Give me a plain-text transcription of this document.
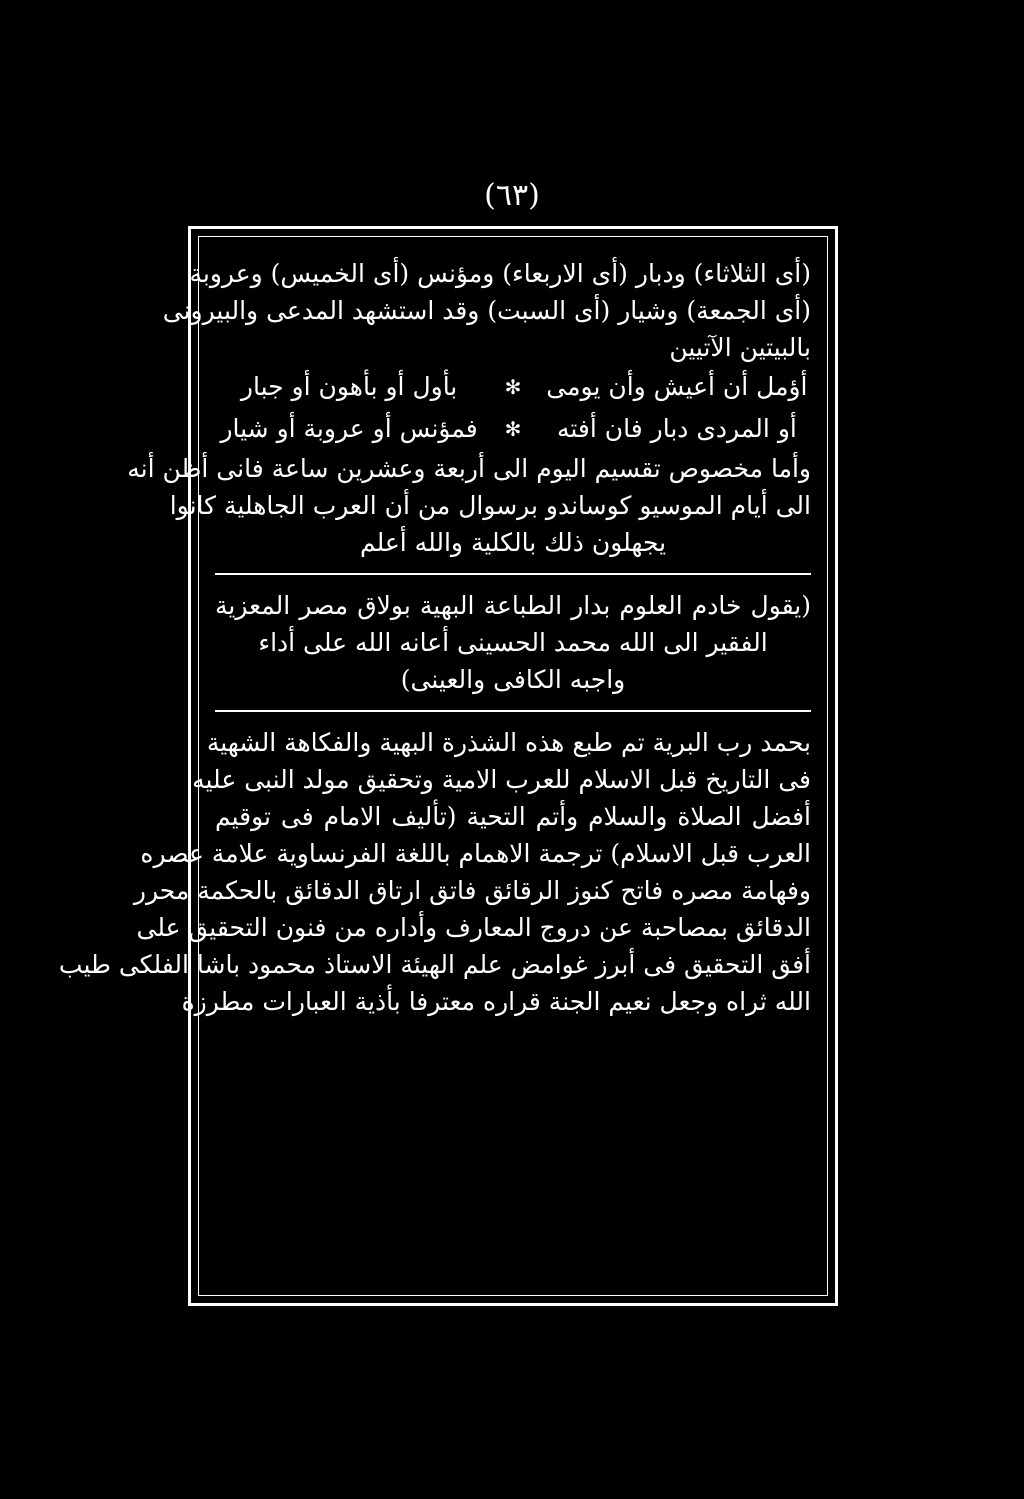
(٦٣)
(أى الثلاثاء) ودبار (أى الاربعاء) ومؤنس (أى الخميس) وعروبة
(أى الجمعة) وشيار (أى السبت) وقد استشهد المدعى والبيرونى
بالبيتين الآتيين
أؤمل أن أعيش وأن يومى
✻
بأول أو بأهون أو جبار
أو المردى دبار فان أفته
✻
فمؤنس أو عروبة أو شيار
وأما مخصوص تقسيم اليوم الى أربعة وعشرين ساعة فانى أظن أنه
الى أيام الموسيو كوساندو برسوال من أن العرب الجاهلية كانوا
يجهلون ذلك بالكلية والله أعلم
(يقول خادم العلوم بدار الطباعة البهية بولاق مصر المعزية
الفقير الى الله محمد الحسينى أعانه الله على أداء
واجبه الكافى والعينى)
بحمد رب البرية تم طبع هذه الشذرة البهية والفكاهة الشهية
فى التاريخ قبل الاسلام للعرب الامية وتحقيق مولد النبى عليه
أفضل الصلاة والسلام وأتم التحية (تأليف الامام فى توقيم
العرب قبل الاسلام) ترجمة الاهمام باللغة الفرنساوية علامة عصره
وفهامة مصره فاتح كنوز الرقائق فاتق ارتاق الدقائق بالحكمة محرر
الدقائق بمصاحبة عن دروج المعارف وأداره من فنون التحقيق على
أفق التحقيق فى أبرز غوامض علم الهيئة الاستاذ محمود باشا الفلكى طيب
الله ثراه وجعل نعيم الجنة قراره معترفا بأذية العبارات مطرزة
